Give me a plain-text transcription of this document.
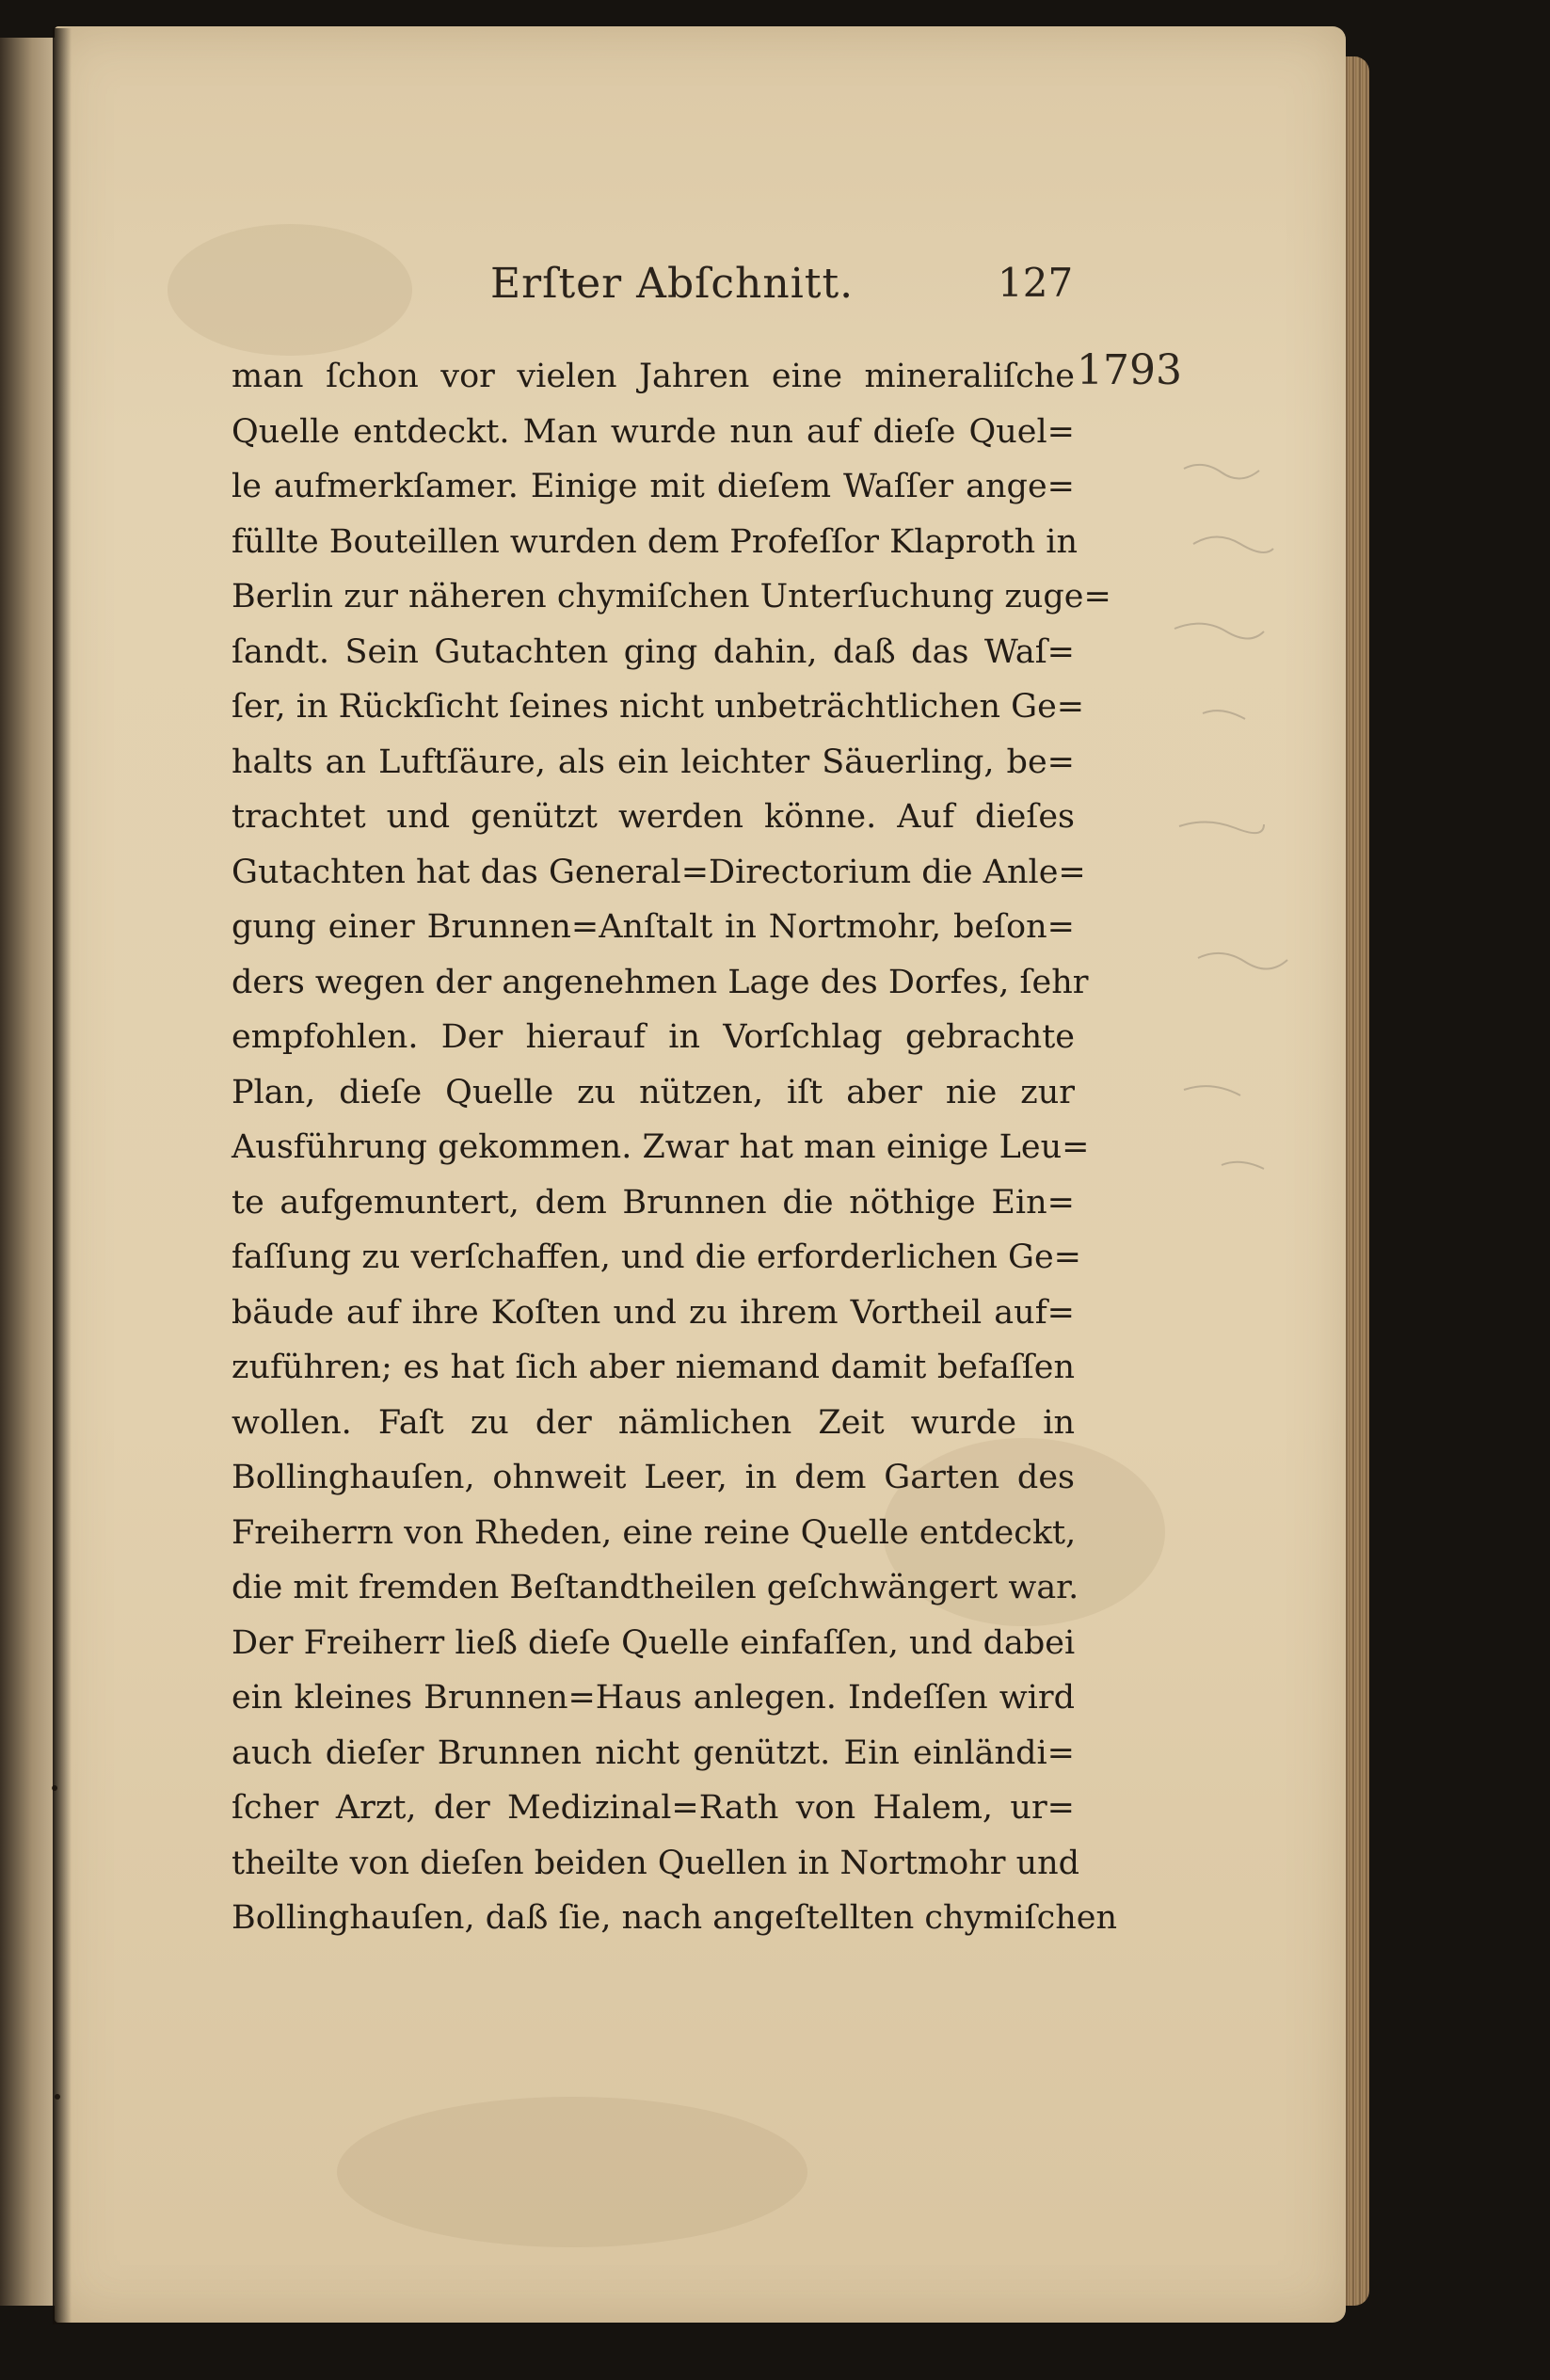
Erſter Abſchnitt.	127
1793
man ſchon vor vielen Jahren eine mineraliſche
Quelle entdeckt. Man wurde nun auf dieſe Quel=
le aufmerkſamer. Einige mit dieſem Waſſer ange=
füllte Bouteillen wurden dem Profeſſor Klaproth in
Berlin zur näheren chymiſchen Unterſuchung zuge=
ſandt. Sein Gutachten ging dahin, daß das Waſ=
ſer, in Rückſicht ſeines nicht unbeträchtlichen Ge=
halts an Luftſäure, als ein leichter Säuerling, be=
trachtet und genützt werden könne. Auf dieſes
Gutachten hat das General=Directorium die Anle=
gung einer Brunnen=Anſtalt in Nortmohr, beſon=
ders wegen der angenehmen Lage des Dorfes, ſehr
empfohlen. Der hierauf in Vorſchlag gebrachte
Plan, dieſe Quelle zu nützen, iſt aber nie zur
Ausführung gekommen. Zwar hat man einige Leu=
te aufgemuntert, dem Brunnen die nöthige Ein=
faſſung zu verſchaffen, und die erforderlichen Ge=
bäude auf ihre Koſten und zu ihrem Vortheil auf=
zuführen; es hat ſich aber niemand damit befaſſen
wollen. Faſt zu der nämlichen Zeit wurde in
Bollinghauſen, ohnweit Leer, in dem Garten des
Freiherrn von Rheden, eine reine Quelle entdeckt,
die mit fremden Beſtandtheilen geſchwängert war.
Der Freiherr ließ dieſe Quelle einfaſſen, und dabei
ein kleines Brunnen=Haus anlegen. Indeſſen wird
auch dieſer Brunnen nicht genützt. Ein einländi=
ſcher Arzt, der Medizinal=Rath von Halem, ur=
theilte von dieſen beiden Quellen in Nortmohr und
Bollinghauſen, daß ſie, nach angeſtellten chymiſchen
